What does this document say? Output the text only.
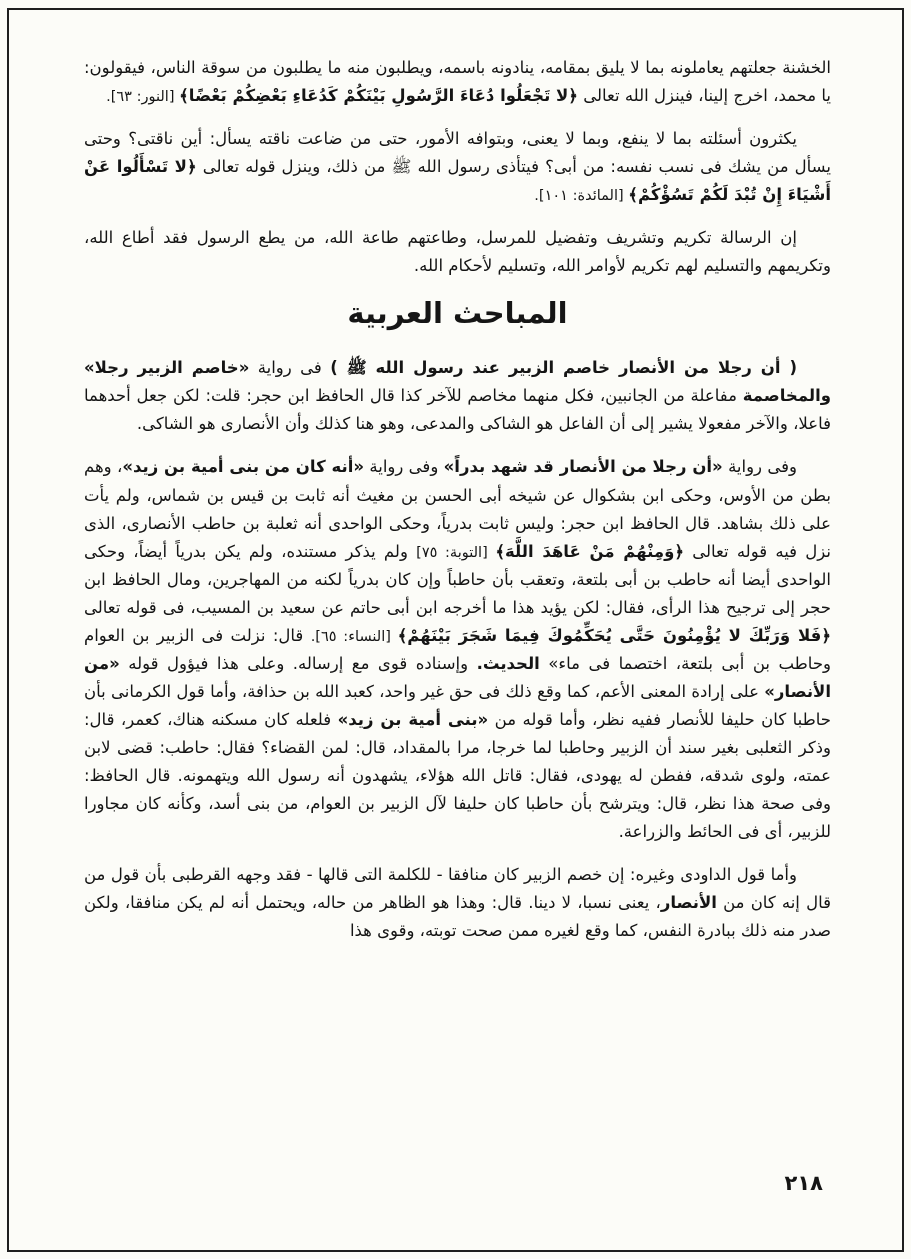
الخشنة جعلتهم يعاملونه بما لا يليق بمقامه، ينادونه باسمه، ويطلبون منه ما يطلبون من سوقة الناس، فيقولون: يا محمد، اخرج إلينا، فينزل الله تعالى ﴿لا تَجْعَلُوا دُعَاءَ الرَّسُولِ بَيْنَكُمْ كَدُعَاءِ بَعْضِكُمْ بَعْضًا﴾ [النور: ٦٣].

يكثرون أسئلته بما لا ينفع، وبما لا يعنى، وبتوافه الأمور، حتى من ضاعت ناقته يسأل: أين ناقتى؟ وحتى يسأل من يشك فى نسب نفسه: من أبى؟ فيتأذى رسول الله ﷺ من ذلك، وينزل قوله تعالى ﴿لا تَسْأَلُوا عَنْ أَشْيَاءَ إِنْ تُبْدَ لَكُمْ تَسُؤْكُمْ﴾ [المائدة: ١٠١].

إن الرسالة تكريم وتشريف وتفضيل للمرسل، وطاعتهم طاعة الله، من يطع الرسول فقد أطاع الله، وتكريمهم والتسليم لهم تكريم لأوامر الله، وتسليم لأحكام الله.

المباحث العربية

( أن رجلا من الأنصار خاصم الزبير عند رسول الله ﷺ ) فى رواية «خاصم الزبير رجلا» والمخاصمة مفاعلة من الجانبين، فكل منهما مخاصم للآخر كذا قال الحافظ ابن حجر: قلت: لكن جعل أحدهما فاعلا، والآخر مفعولا يشير إلى أن الفاعل هو الشاكى والمدعى، وهو هنا كذلك وأن الأنصارى هو الشاكى.

وفى رواية «أن رجلا من الأنصار قد شهد بدراً» وفى رواية «أنه كان من بنى أمية بن زيد»، وهم بطن من الأوس، وحكى ابن بشكوال عن شيخه أبى الحسن بن مغيث أنه ثابت بن قيس بن شماس، ولم يأت على ذلك بشاهد. قال الحافظ ابن حجر: وليس ثابت بدرياً، وحكى الواحدى أنه ثعلبة بن حاطب الأنصارى، الذى نزل فيه قوله تعالى ﴿وَمِنْهُمْ مَنْ عَاهَدَ اللَّهَ﴾ [التوبة: ٧٥] ولم يذكر مستنده، ولم يكن بدرياً أيضاً، وحكى الواحدى أيضا أنه حاطب بن أبى بلتعة، وتعقب بأن حاطباً وإن كان بدرياً لكنه من المهاجرين، ومال الحافظ ابن حجر إلى ترجيح هذا الرأى، فقال: لكن يؤيد هذا ما أخرجه ابن أبى حاتم عن سعيد بن المسيب، فى قوله تعالى ﴿فَلا وَرَبِّكَ لا يُؤْمِنُونَ حَتَّى يُحَكِّمُوكَ فِيمَا شَجَرَ بَيْنَهُمْ﴾ [النساء: ٦٥]. قال: نزلت فى الزبير بن العوام وحاطب بن أبى بلتعة، اختصما فى ماء» الحديث. وإسناده قوى مع إرساله. وعلى هذا فيؤول قوله «من الأنصار» على إرادة المعنى الأعم، كما وقع ذلك فى حق غير واحد، كعبد الله بن حذافة، وأما قول الكرمانى بأن حاطبا كان حليفا للأنصار ففيه نظر، وأما قوله من «بنى أمية بن زيد» فلعله كان مسكنه هناك، كعمر، قال: وذكر الثعلبى بغير سند أن الزبير وحاطبا لما خرجا، مرا بالمقداد، قال: لمن القضاء؟ فقال: حاطب: قضى لابن عمته، ولوى شدقه، ففطن له يهودى، فقال: قاتل الله هؤلاء، يشهدون أنه رسول الله ويتهمونه. قال الحافظ: وفى صحة هذا نظر، قال: ويترشح بأن حاطبا كان حليفا لآل الزبير بن العوام، من بنى أسد، وكأنه كان مجاورا للزبير، أى فى الحائط والزراعة.

وأما قول الداودى وغيره: إن خصم الزبير كان منافقا - للكلمة التى قالها - فقد وجهه القرطبى بأن قول من قال إنه كان من الأنصار، يعنى نسبا، لا دينا. قال: وهذا هو الظاهر من حاله، ويحتمل أنه لم يكن منافقا، ولكن صدر منه ذلك ببادرة النفس، كما وقع لغيره ممن صحت توبته، وقوى هذا

٢١٨
